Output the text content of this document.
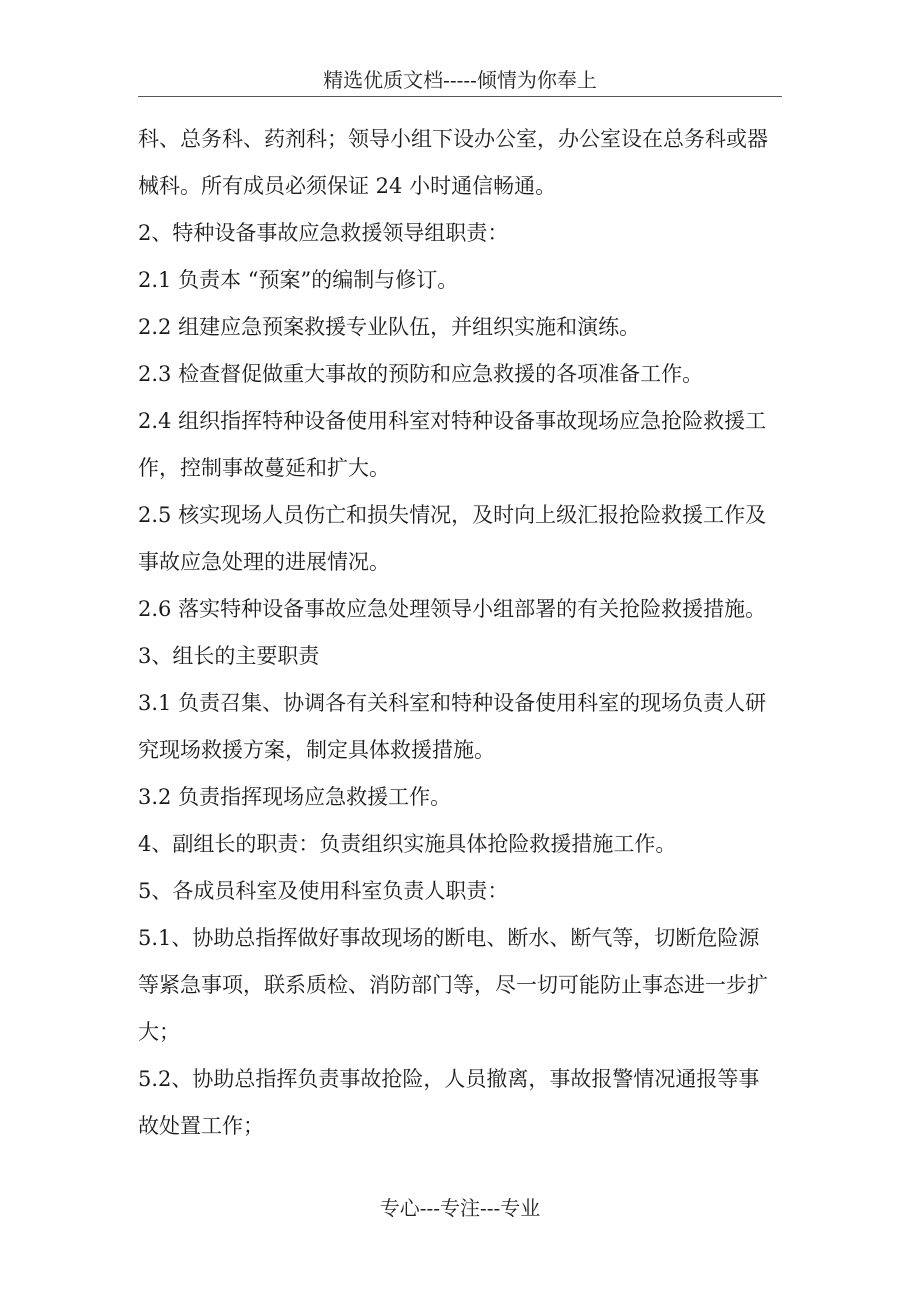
精选优质文档-----倾情为你奉上

科、总务科、药剂科；领导小组下设办公室，办公室设在总务科或器

械科。所有成员必须保证 24 小时通信畅通。

2、特种设备事故应急救援领导组职责：

2.1 负责本 “预案”的编制与修订。

2.2 组建应急预案救援专业队伍，并组织实施和演练。

2.3 检查督促做重大事故的预防和应急救援的各项准备工作。

2.4 组织指挥特种设备使用科室对特种设备事故现场应急抢险救援工

作，控制事故蔓延和扩大。

2.5 核实现场人员伤亡和损失情况，及时向上级汇报抢险救援工作及

事故应急处理的进展情况。

2.6 落实特种设备事故应急处理领导小组部署的有关抢险救援措施。

3、组长的主要职责

3.1 负责召集、协调各有关科室和特种设备使用科室的现场负责人研

究现场救援方案，制定具体救援措施。

3.2 负责指挥现场应急救援工作。

4、副组长的职责：负责组织实施具体抢险救援措施工作。

5、各成员科室及使用科室负责人职责：

5.1、协助总指挥做好事故现场的断电、断水、断气等，切断危险源

等紧急事项，联系质检、消防部门等，尽一切可能防止事态进一步扩

大；

5.2、协助总指挥负责事故抢险，人员撤离，事故报警情况通报等事

故处置工作；

专心---专注---专业
